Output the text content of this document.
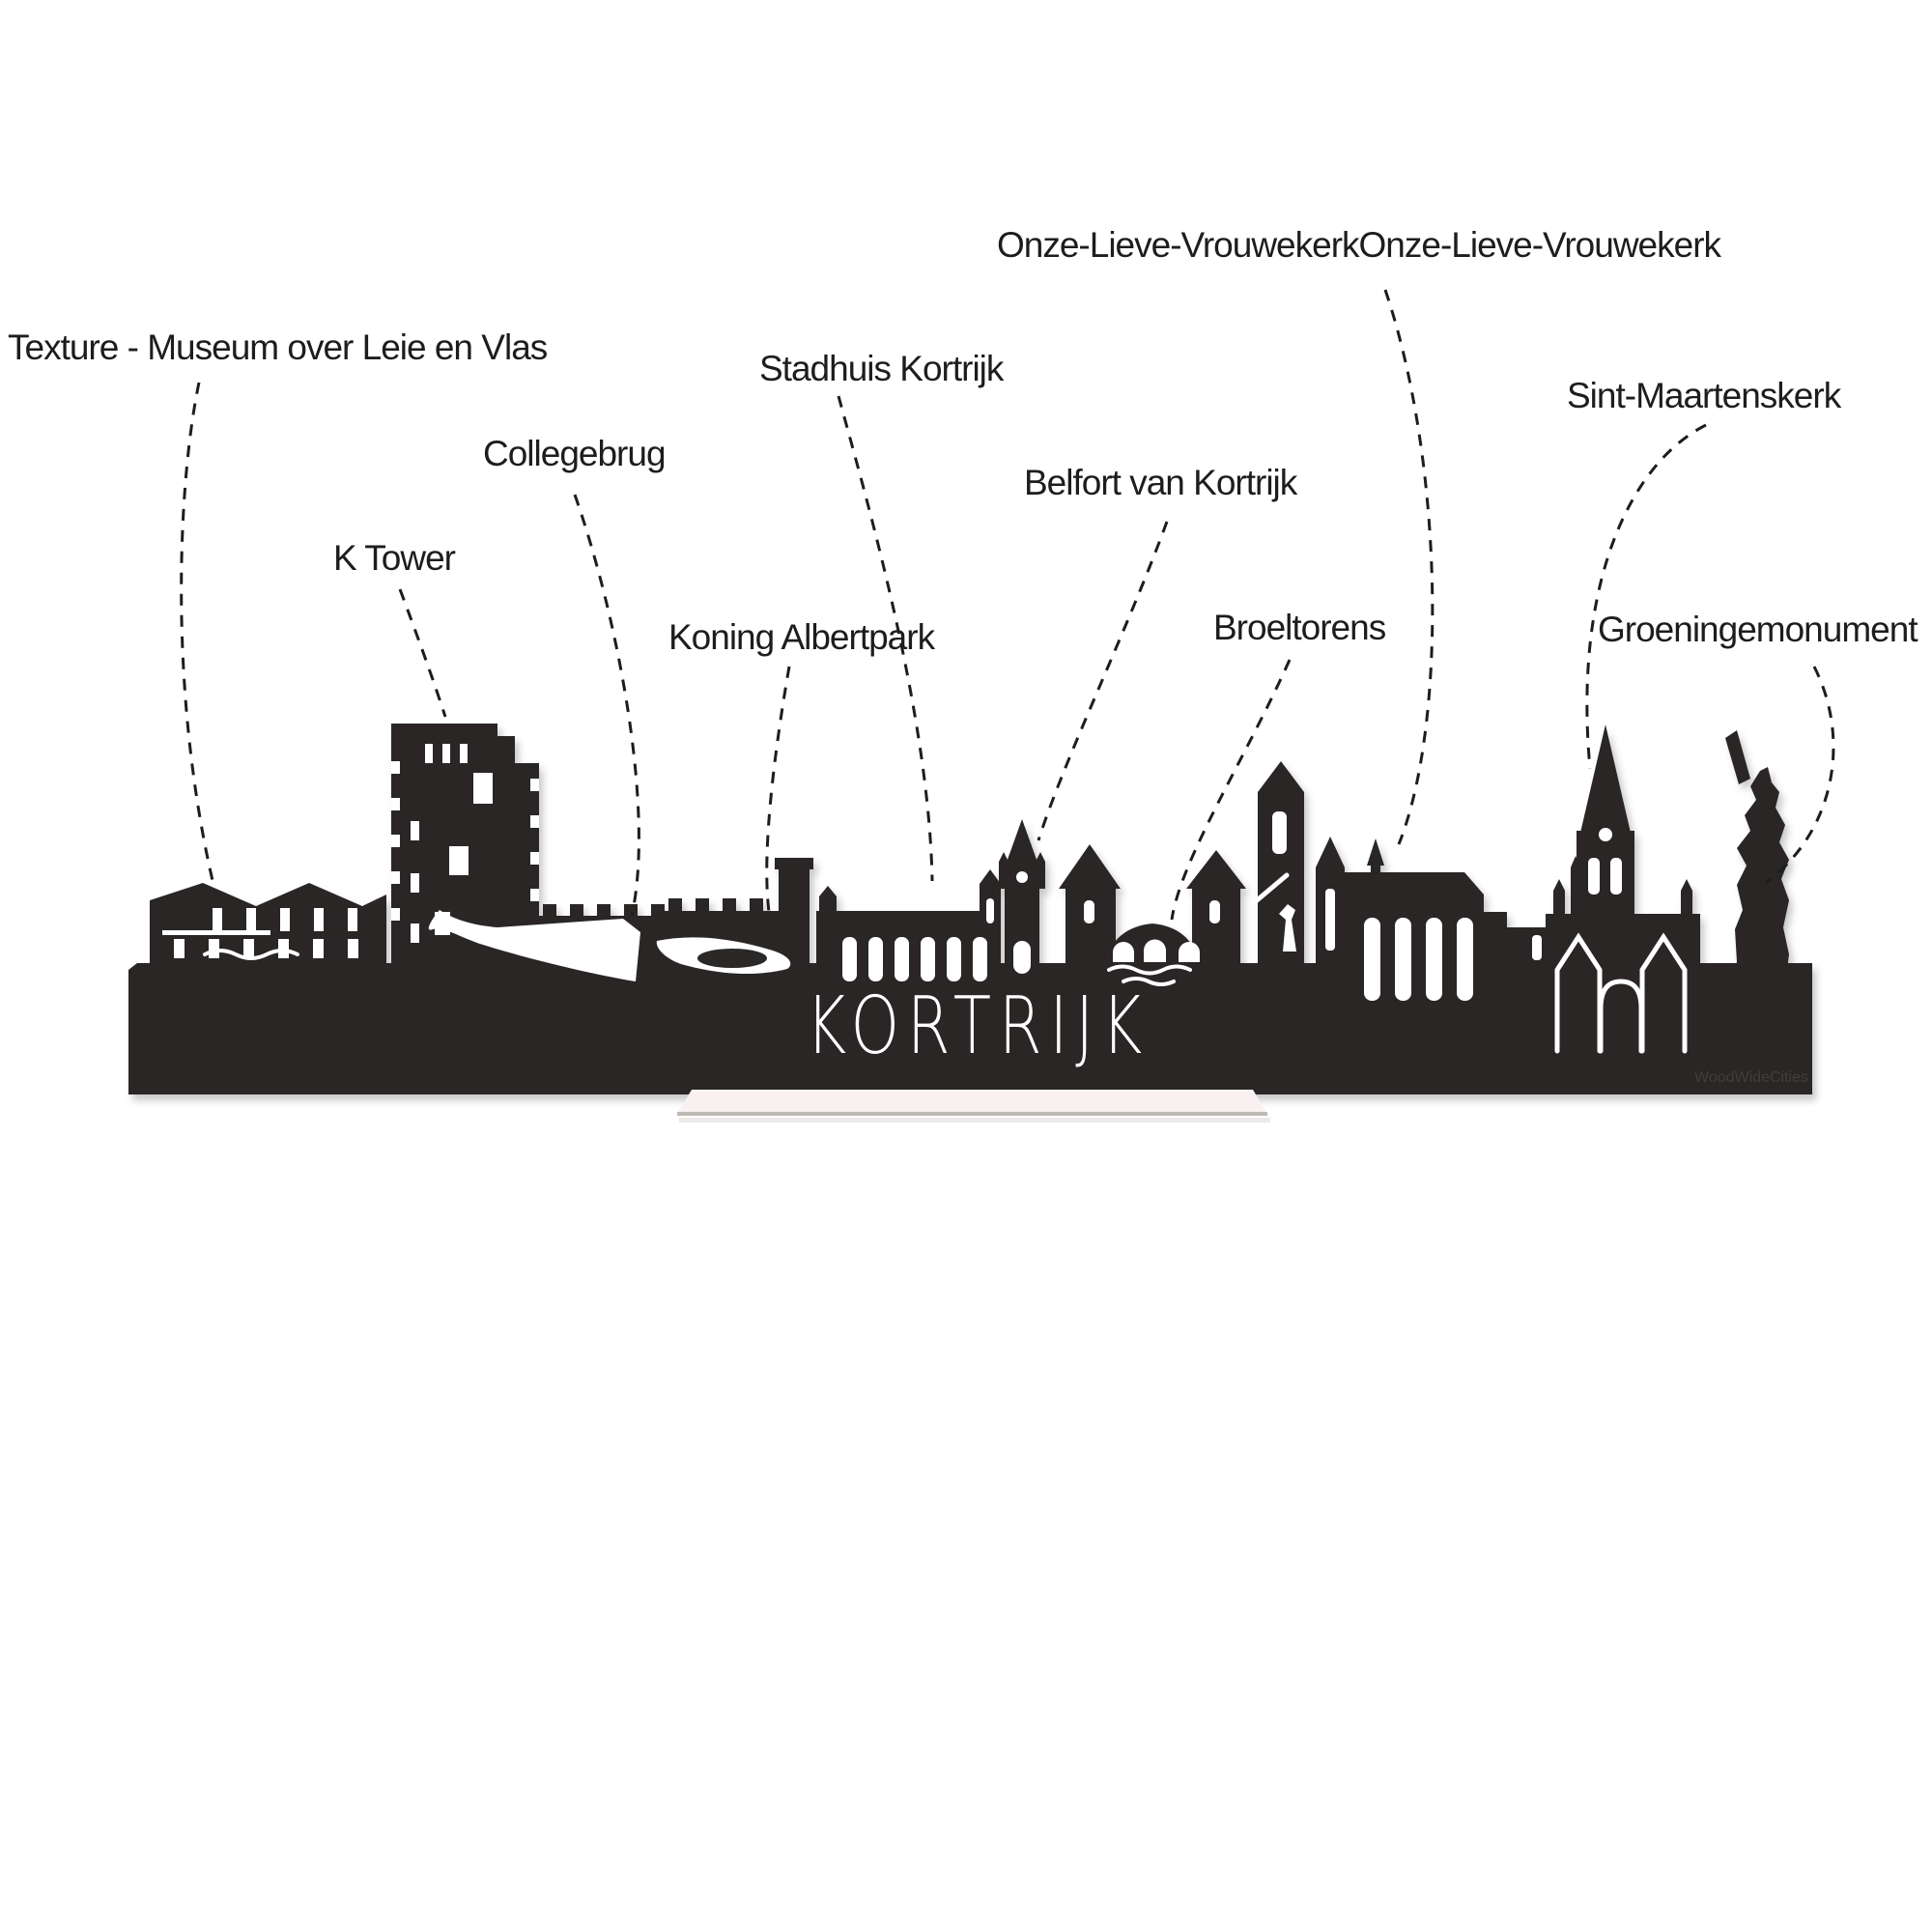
KORTRIJK
WoodWideCities
Texture - Museum over Leie en Vlas
Onze-Lieve-VrouwekerkOnze-Lieve-Vrouwekerk
Stadhuis Kortrijk
Sint-Maartenskerk
Collegebrug
Belfort van Kortrijk
K Tower
Broeltorens
Koning Albertpark	Groeningemonument
